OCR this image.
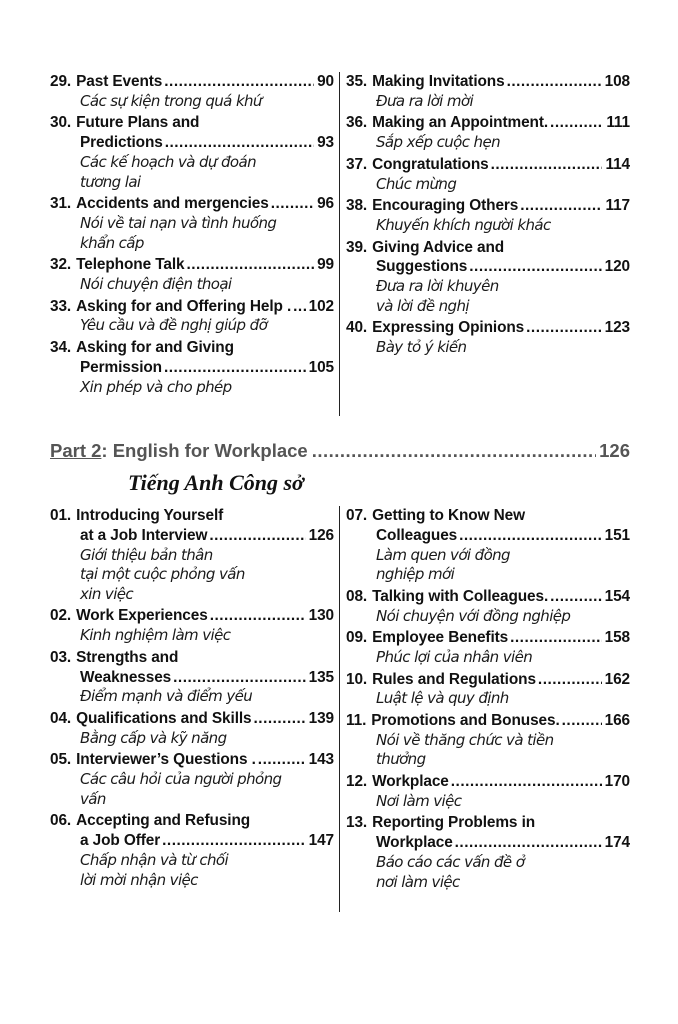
29. Past Events .....	90
Các sự kiện trong quá khứ
30. Future Plans and
Predictions .....	93
Các kế hoạch và dự đoán
tương lai
31. Accidents and mergencies .....	96
Nói về tai nạn và tình huống
khẩn cấp
32. Telephone Talk .....	99
Nói chuyện điện thoại
33. Asking for and Offering Help . ..... 102
Yêu cầu và đề nghị giúp đỡ
34. Asking for and Giving
Permission .....	105
Xin phép và cho phép
35. Making Invitations .....	108
Đưa ra lời mời
36. Making an Appointment. .....	111
Sắp xếp cuộc hẹn
37. Congratulations .....	114
Chúc mừng
38. Encouraging Others .....	117
Khuyến khích người khác
39. Giving Advice and
Suggestions .....	120
Đưa ra lời khuyên
và lời đề nghị
40. Expressing Opinions .....	123
Bày tỏ ý kiến
Part 2 : English for Workplace .....	126
Tiếng Anh Công sở
01. Introducing Yourself
at a Job Interview .....	126
Giới thiệu bản thân
tại một cuộc phỏng vấn
xin việc
02. Work Experiences .....	130
Kinh nghiệm làm việc
03. Strengths and
Weaknesses .....	135
Điểm mạnh và điểm yếu
04. Qualifications and Skills .....	139
Bằng cấp và kỹ năng
05. Interviewer’s Questions . .....	143
Các câu hỏi của người phỏng
vấn
06. Accepting and Refusing
a Job Offer .....	147
Chấp nhận và từ chối
lời mời nhận việc
07. Getting to Know New
Colleagues .....	151
Làm quen với đồng
nghiệp mới
08. Talking with Colleagues. .....	154
Nói chuyện với đồng nghiệp
09. Employee Benefits .....	158
Phúc lợi của nhân viên
10. Rules and Regulations .....	162
Luật lệ và quy định
11. Promotions and Bonuses. .....	166
Nói về thăng chức và tiền
thưởng
12. Workplace .....	170
Nơi làm việc
13. Reporting Problems in
Workplace .....	174
Báo cáo các vấn đề ở
nơi làm việc
